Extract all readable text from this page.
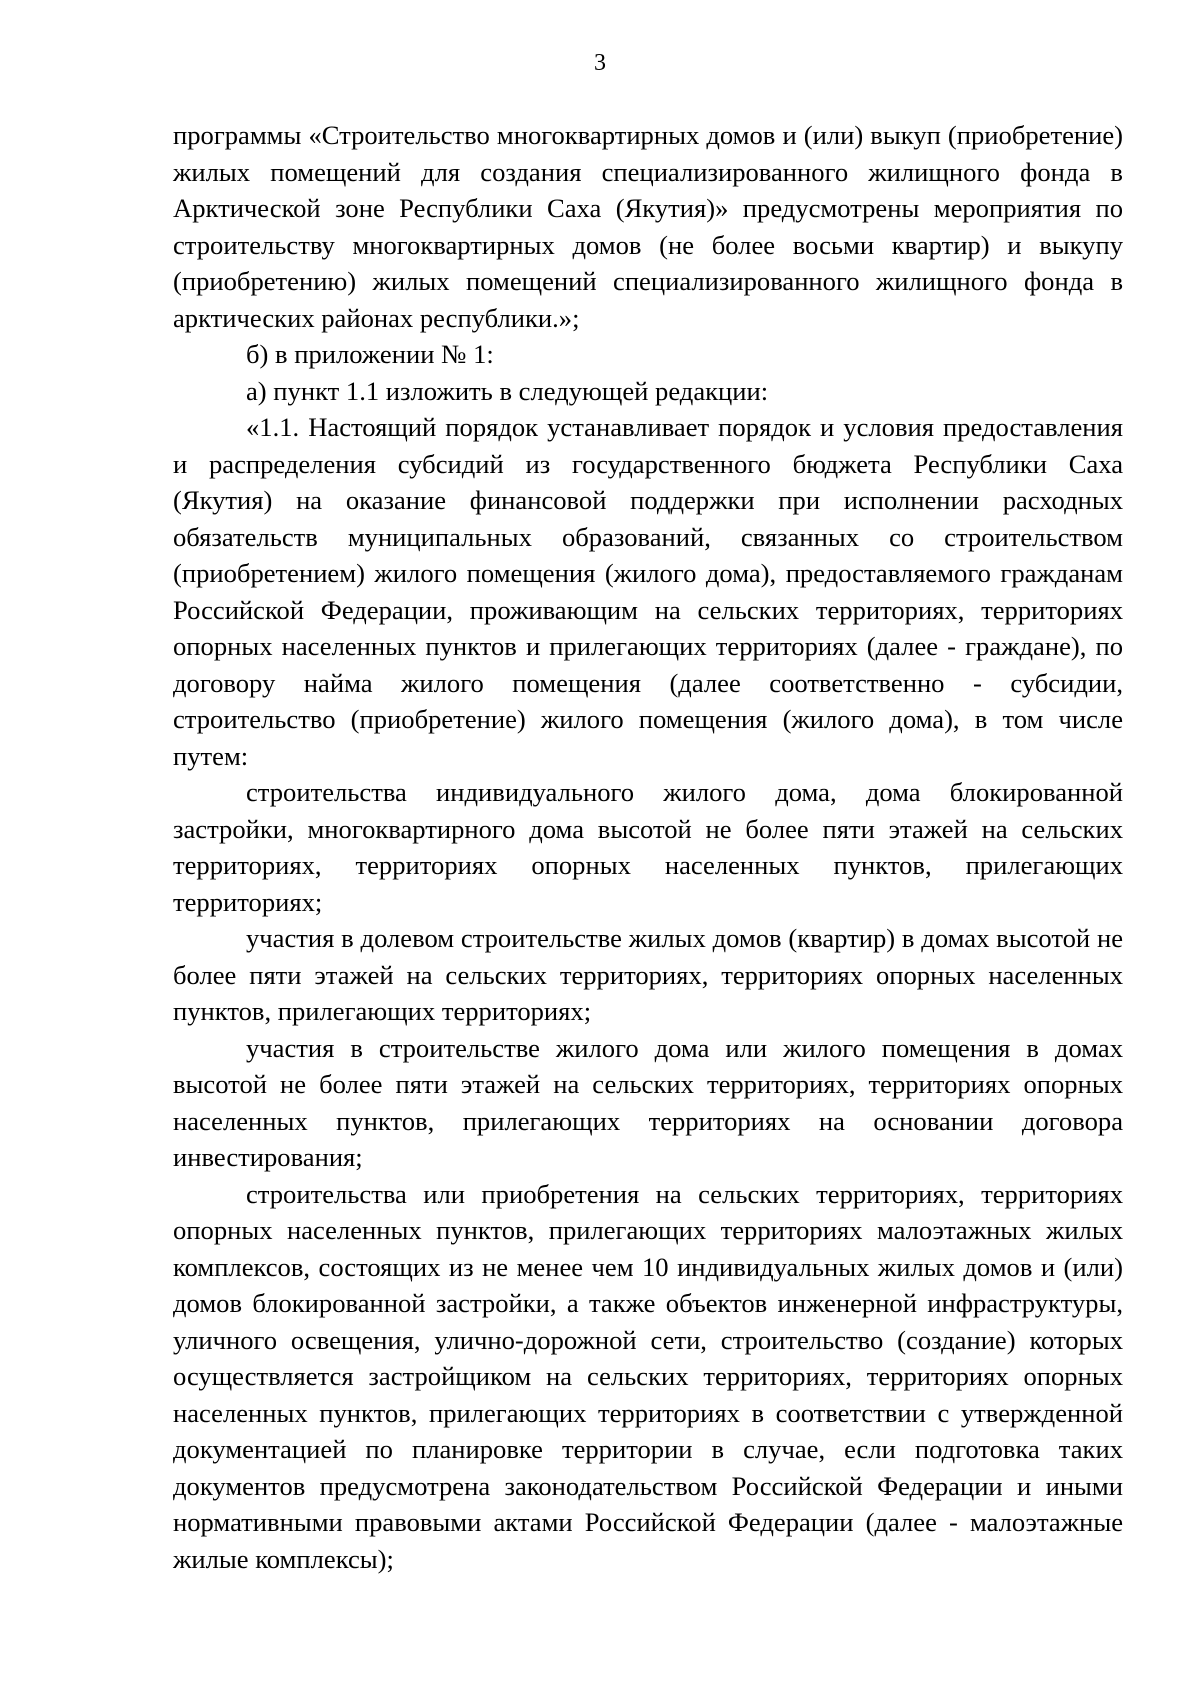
3

программы «Строительство многоквартирных домов и (или) выкуп (приобретение) жилых помещений для создания специализированного жилищного фонда в Арктической зоне Республики Саха (Якутия)» предусмотрены мероприятия по строительству многоквартирных домов (не более восьми квартир) и выкупу (приобретению) жилых помещений специализированного жилищного фонда в арктических районах республики.»;

б) в приложении № 1:

а) пункт 1.1 изложить в следующей редакции:

«1.1. Настоящий порядок устанавливает порядок и условия предоставления и распределения субсидий из государственного бюджета Республики Саха (Якутия) на оказание финансовой поддержки при исполнении расходных обязательств муниципальных образований, связанных со строительством (приобретением) жилого помещения (жилого дома), предоставляемого гражданам Российской Федерации, проживающим на сельских территориях, территориях опорных населенных пунктов и прилегающих территориях (далее - граждане), по договору найма жилого помещения (далее соответственно - субсидии, строительство (приобретение) жилого помещения (жилого дома), в том числе путем:

строительства индивидуального жилого дома, дома блокированной застройки, многоквартирного дома высотой не более пяти этажей на сельских территориях, территориях опорных населенных пунктов, прилегающих территориях;

участия в долевом строительстве жилых домов (квартир) в домах высотой не более пяти этажей на сельских территориях, территориях опорных населенных пунктов, прилегающих территориях;

участия в строительстве жилого дома или жилого помещения в домах высотой не более пяти этажей на сельских территориях, территориях опорных населенных пунктов, прилегающих территориях на основании договора инвестирования;

строительства или приобретения на сельских территориях, территориях опорных населенных пунктов, прилегающих территориях малоэтажных жилых комплексов, состоящих из не менее чем 10 индивидуальных жилых домов и (или) домов блокированной застройки, а также объектов инженерной инфраструктуры, уличного освещения, улично-дорожной сети, строительство (создание) которых осуществляется застройщиком на сельских территориях, территориях опорных населенных пунктов, прилегающих территориях в соответствии с утвержденной документацией по планировке территории в случае, если подготовка таких документов предусмотрена законодательством Российской Федерации и иными нормативными правовыми актами Российской Федерации (далее - малоэтажные жилые комплексы);
